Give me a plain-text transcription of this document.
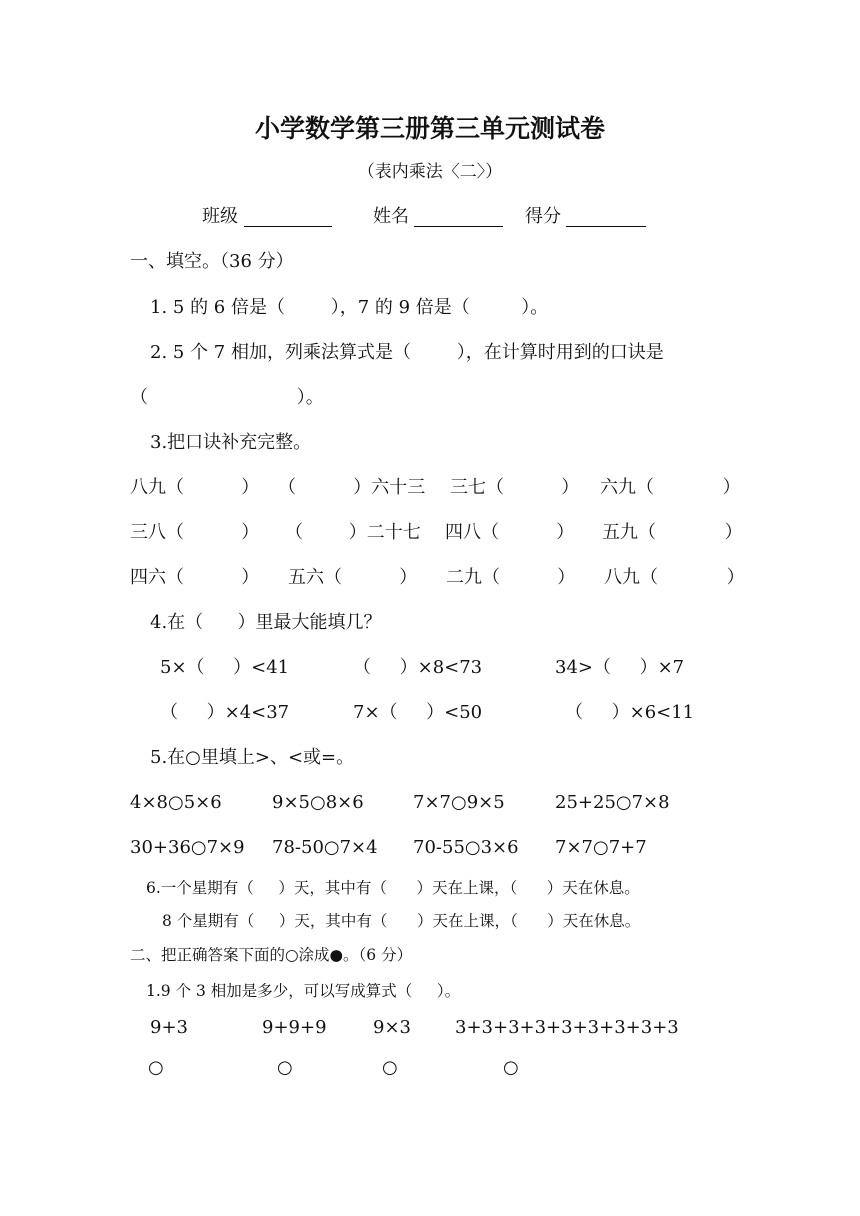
小学数学第三册第三单元测试卷
（表内乘法〈二〉）
班级	姓名	得分
一、填空。（36 分）
1. 5 的 6 倍是（        ），7 的 9 倍是（         ）。
2. 5 个 7 相加，列乘法算式是（        ），在计算时用到的口诀是
（                          ）。
3.把口诀补充完整。
八九（          ） （          ）六十三 三七（          ） 六九（            ）
三八（          ） （        ）二十七 四八（          ） 五九（            ）
四六（          ） 五六（          ） 二九（          ） 八九（            ）
4.在（      ）里最大能填几？
5×（     ）<41	（     ）×8<73	34>（     ）×7
（     ）×4<37	7×（     ）<50	（     ）×6<11
5.在○里填上>、<或=。
4×8○5×6	9×5○8×6	7×7○9×5	25+25○7×8
30+36○7×9 78-50○7×4 70-55○3×6 7×7○7+7
6.一个星期有（     ）天，其中有（      ）天在上课，（      ）天在休息。
8 个星期有（     ）天，其中有（      ）天在上课，（      ）天在休息。
二、把正确答案下面的○涂成●。（6 分）
1.9 个 3 相加是多少，可以写成算式（     ）。
9+3	9+9+9	9×3 3+3+3+3+3+3+3+3+3
○	○	○	○
